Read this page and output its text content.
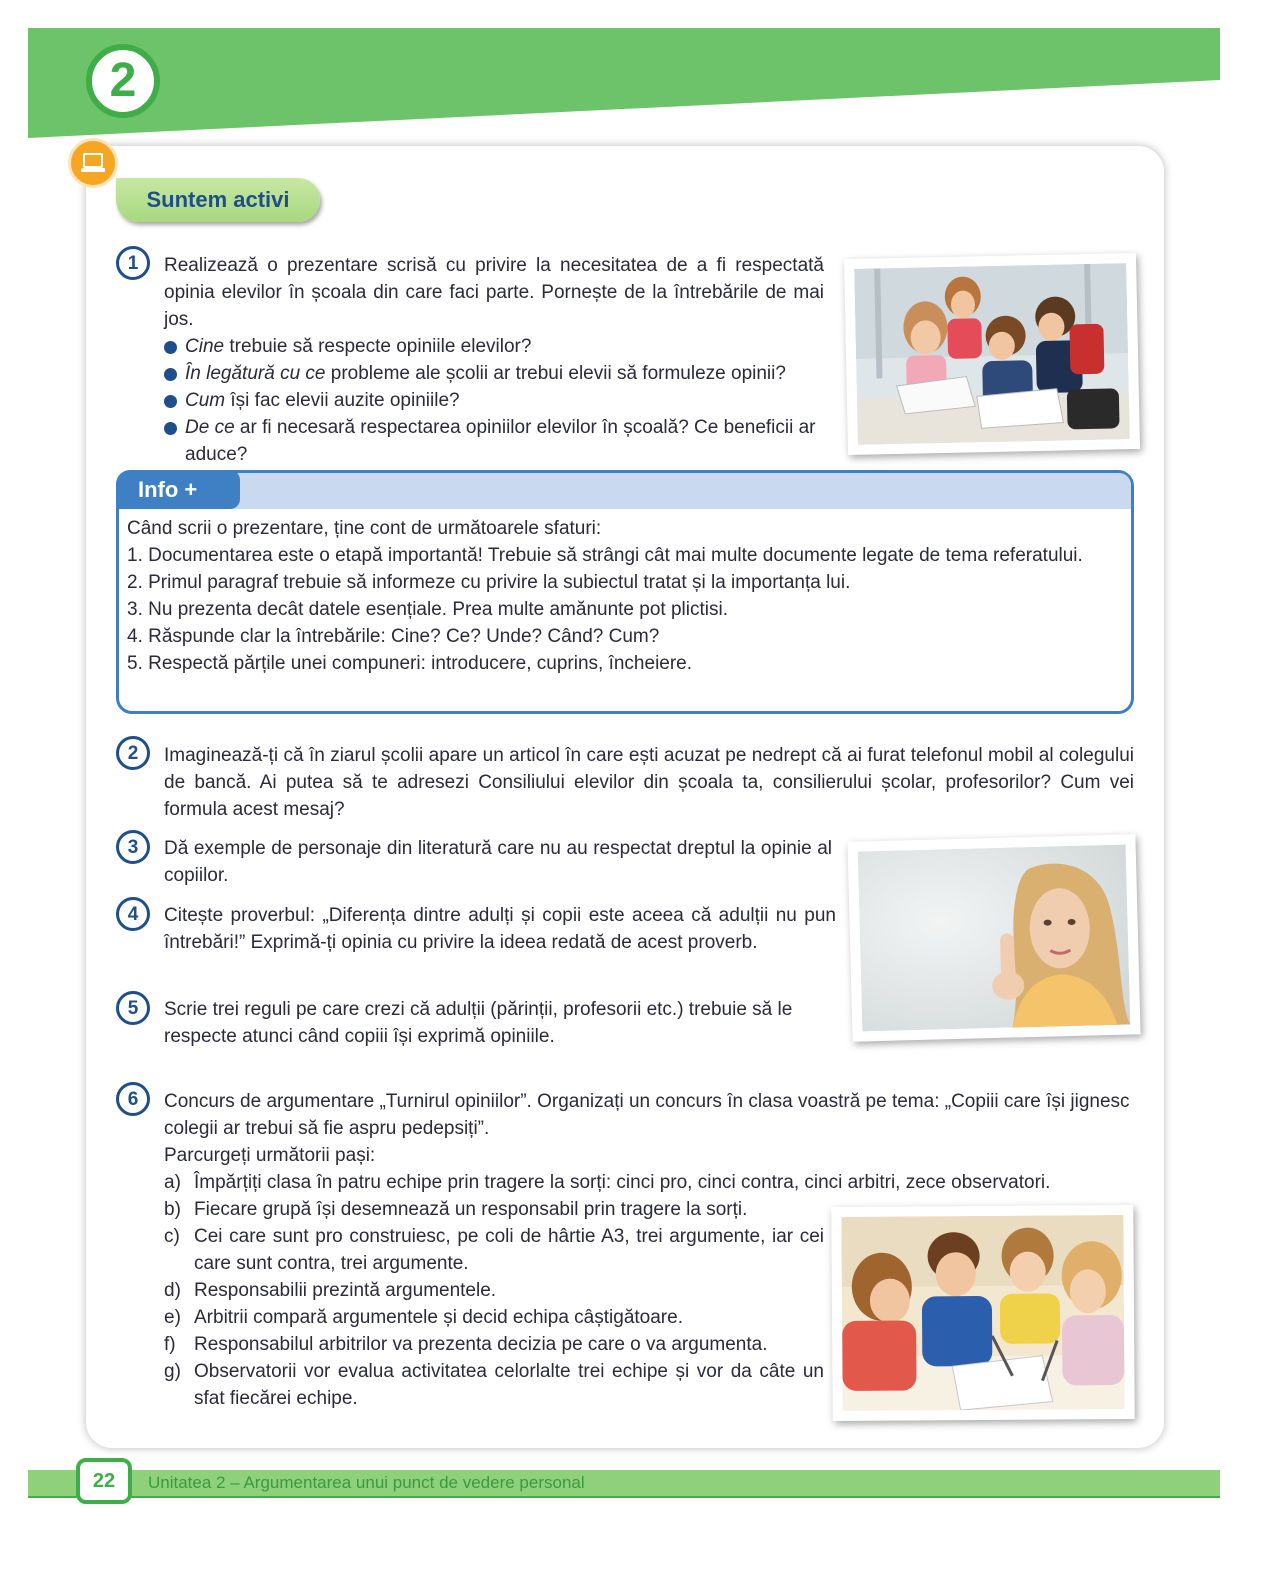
2
Suntem activi
1 Realizează o prezentare scrisă cu privire la necesitatea de a fi respectată opinia elevilor în școala din care faci parte. Pornește de la întrebările de mai jos.
Cine trebuie să respecte opiniile elevilor?
În legătură cu ce probleme ale școlii ar trebui elevii să formuleze opinii?
Cum își fac elevii auzite opiniile?
De ce ar fi necesară respectarea opiniilor elevilor în școală? Ce beneficii ar aduce?
Info +
Când scrii o prezentare, ține cont de următoarele sfaturi:
1. Documentarea este o etapă importantă! Trebuie să strângi cât mai multe documente legate de tema referatului.
2. Primul paragraf trebuie să informeze cu privire la subiectul tratat și la importanța lui.
3. Nu prezenta decât datele esențiale. Prea multe amănunte pot plictisi.
4. Răspunde clar la întrebările: Cine? Ce? Unde? Când? Cum?
5. Respectă părțile unei compuneri: introducere, cuprins, încheiere.
2 Imaginează-ți că în ziarul școlii apare un articol în care ești acuzat pe nedrept că ai furat telefonul mobil al colegului de bancă. Ai putea să te adresezi Consiliului elevilor din școala ta, consilierului școlar, profesorilor? Cum vei formula acest mesaj?
3 Dă exemple de personaje din literatură care nu au respectat dreptul la opinie al copiilor.
4 Citește proverbul: „Diferența dintre adulți și copii este aceea că adulții nu pun întrebări!” Exprimă-ți opinia cu privire la ideea redată de acest proverb.
5 Scrie trei reguli pe care crezi că adulții (părinții, profesorii etc.) trebuie să le respecte atunci când copiii își exprimă opiniile.
6 Concurs de argumentare „Turnirul opiniilor”. Organizați un concurs în clasa voastră pe tema: „Copiii care își jignesc colegii ar trebui să fie aspru pedepsiți”.
Parcurgeți următorii pași:
a) Împărțiți clasa în patru echipe prin tragere la sorți: cinci pro, cinci contra, cinci arbitri, zece observatori.
b) Fiecare grupă își desemnează un responsabil prin tragere la sorți.
c) Cei care sunt pro construiesc, pe coli de hârtie A3, trei argumente, iar cei care sunt contra, trei argumente.
d) Responsabilii prezintă argumentele.
e) Arbitrii compară argumentele și decid echipa câștigătoare.
f) Responsabilul arbitrilor va prezenta decizia pe care o va argumenta.
g) Observatorii vor evalua activitatea celorlalte trei echipe și vor da câte un sfat fiecărei echipe.
22 Unitatea 2 – Argumentarea unui punct de vedere personal
